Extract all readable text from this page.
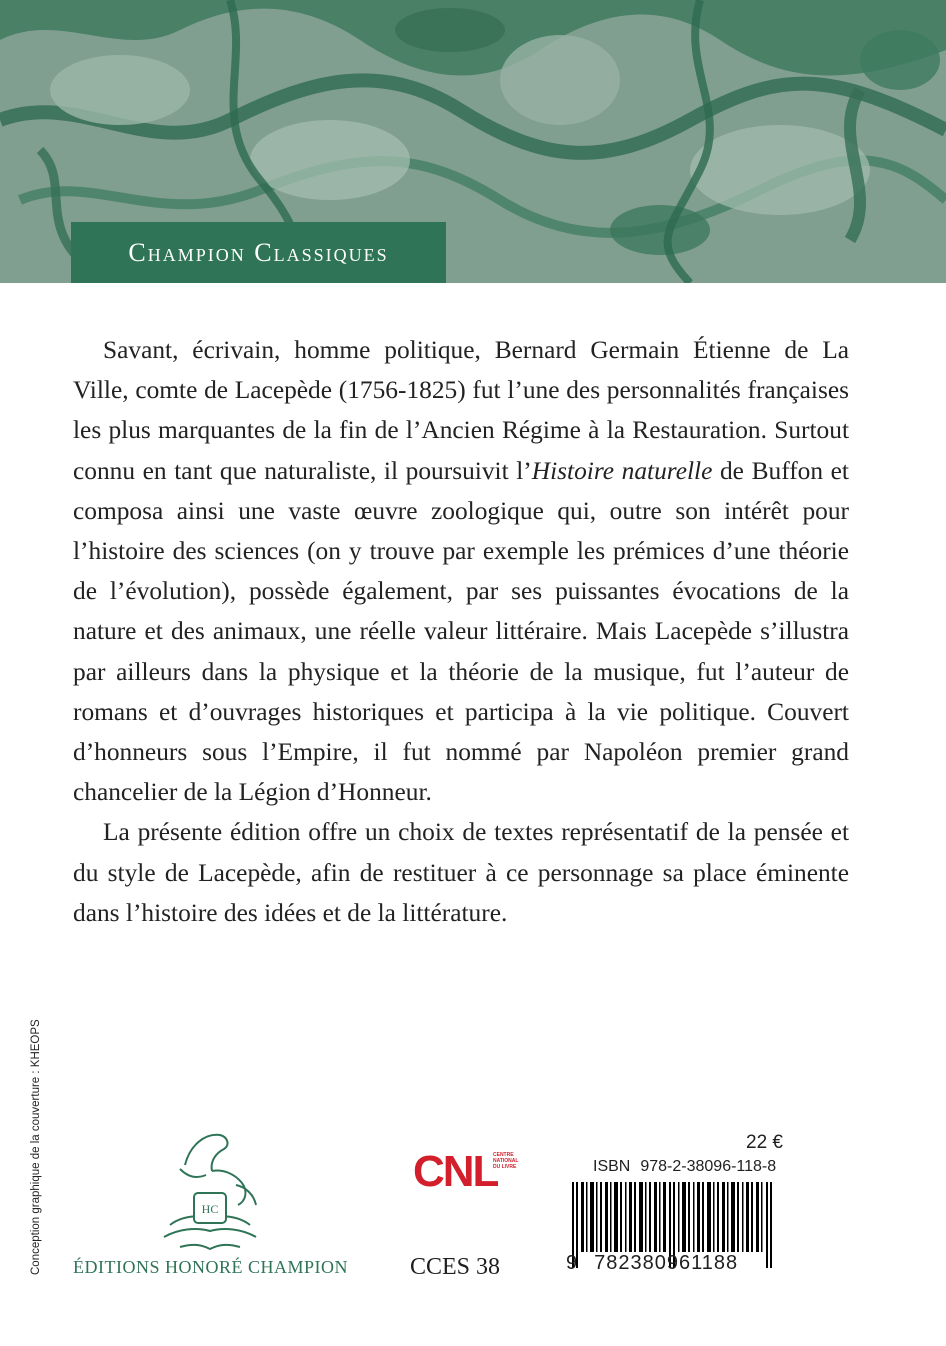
Champion Classiques

Savant, écrivain, homme politique, Bernard Germain Étienne de La Ville, comte de Lacepède (1756-1825) fut l’une des personnalités françaises les plus marquantes de la fin de l’Ancien Régime à la Restauration. Surtout connu en tant que naturaliste, il poursuivit l’Histoire naturelle de Buffon et composa ainsi une vaste œuvre zoologique qui, outre son intérêt pour l’histoire des sciences (on y trouve par exemple les prémices d’une théorie de l’évolution), possède également, par ses puissantes évocations de la nature et des animaux, une réelle valeur littéraire. Mais Lacepède s’illustra par ailleurs dans la physique et la théorie de la musique, fut l’auteur de romans et d’ouvrages historiques et participa à la vie politique. Couvert d’honneurs sous l’Empire, il fut nommé par Napoléon premier grand chancelier de la Légion d’Honneur.

La présente édition offre un choix de textes représentatif de la pensée et du style de Lacepède, afin de restituer à ce personnage sa place éminente dans l’histoire des idées et de la littérature.

Conception graphique de la couverture : KHEOPS	HC
ÉDITIONS HONORÉ CHAMPION
CNL
CENTRE NATIONAL DU LIVRE
CCES 38
22 €
ISBN 978-2-38096-118-8
9 782380961188
